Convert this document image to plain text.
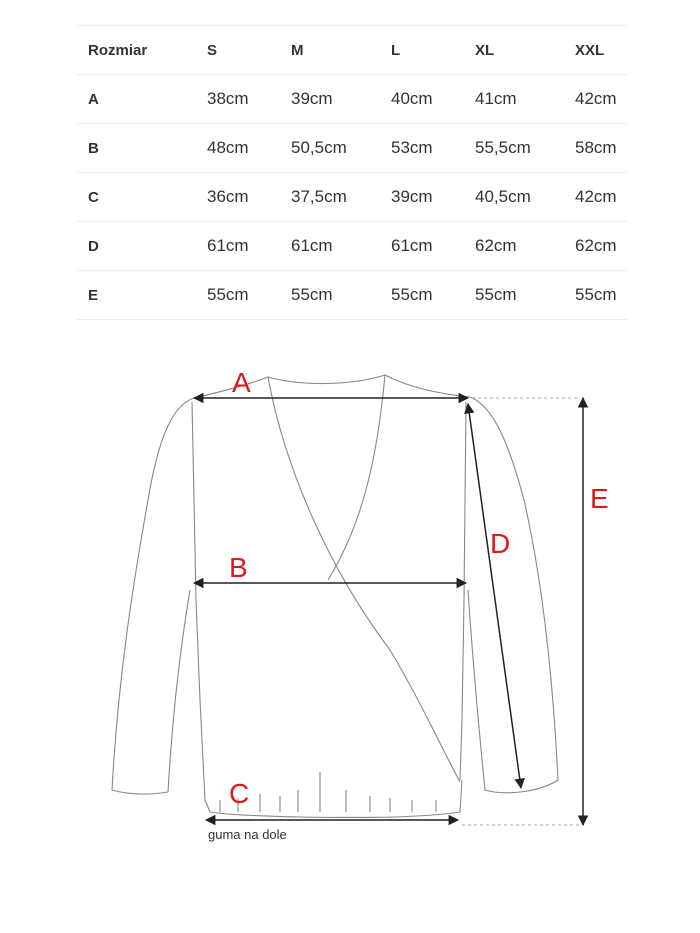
Rozmiar	S	M	L	XL	XXL
A	38cm	39cm	40cm	41cm	42cm
B	48cm	50,5cm	53cm	55,5cm	58cm
C	36cm	37,5cm	39cm	40,5cm	42cm
D	61cm	61cm	61cm	62cm	62cm
E	55cm	55cm	55cm	55cm	55cm
A
B
C
D
E
guma na dole
